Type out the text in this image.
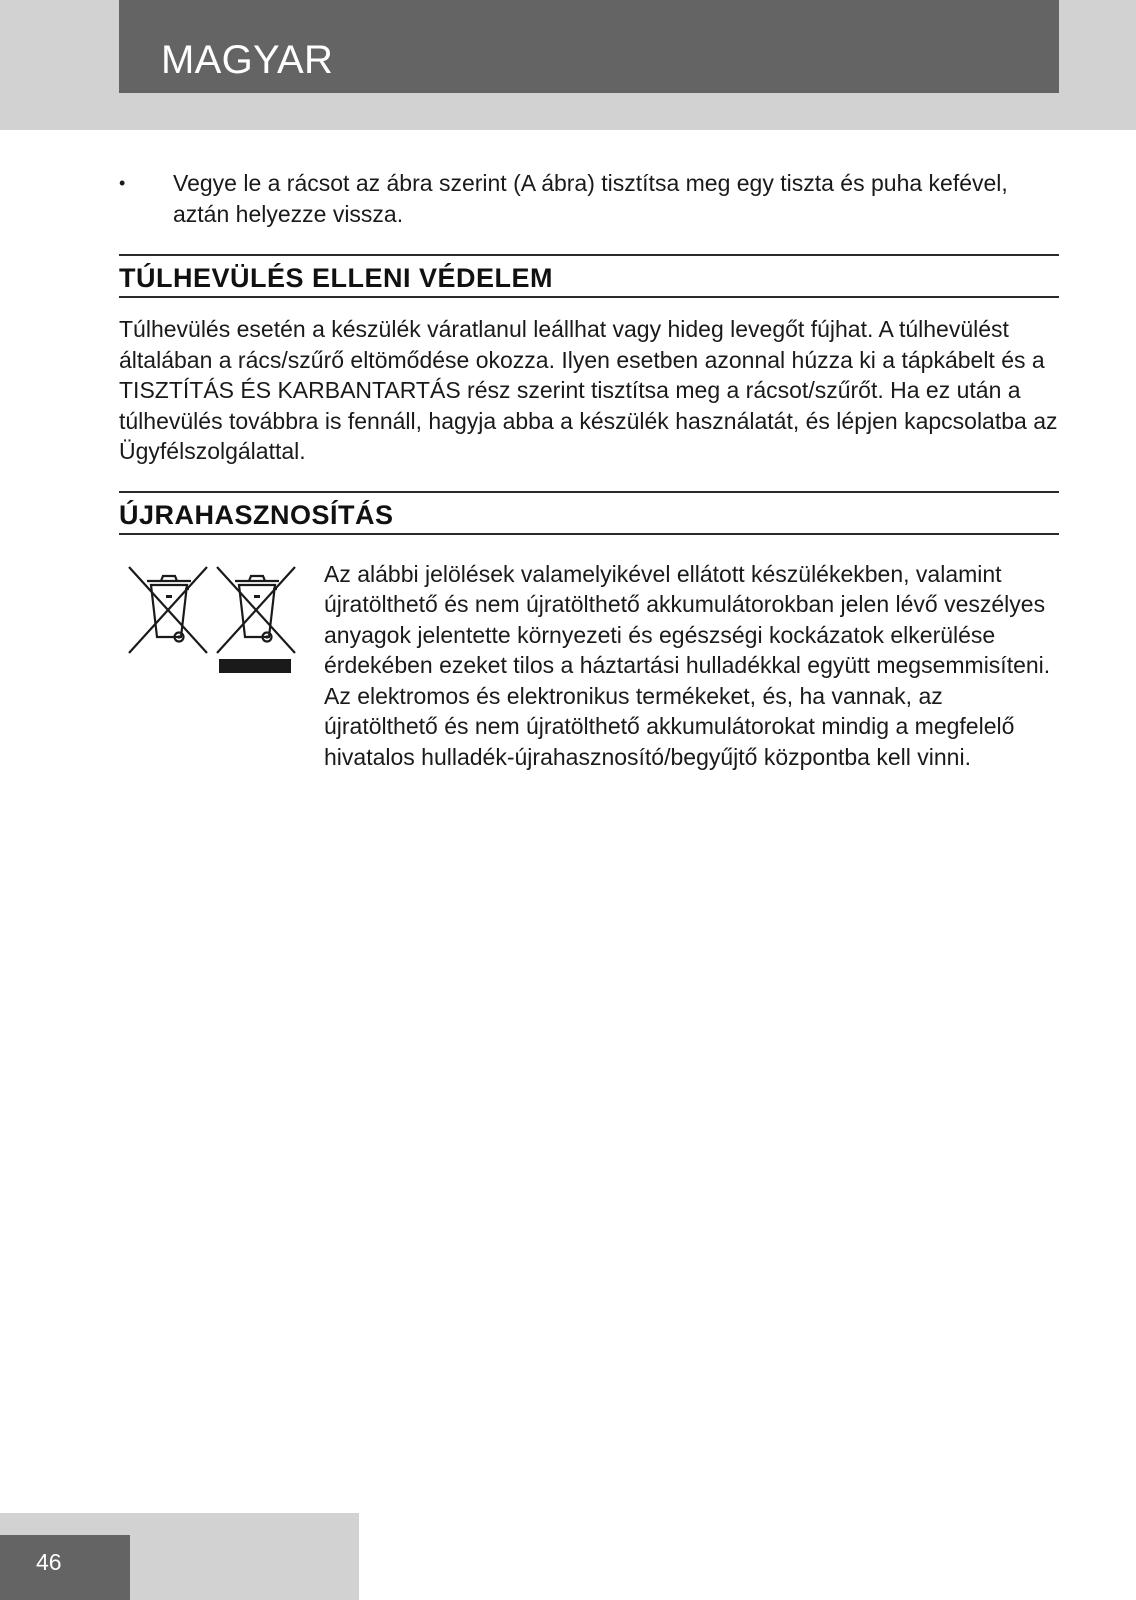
MAGYAR

• Vegye le a rácsot az ábra szerint (A ábra) tisztítsa meg egy tiszta és puha kefével, aztán helyezze vissza.

TÚLHEVÜLÉS ELLENI VÉDELEM

Túlhevülés esetén a készülék váratlanul leállhat vagy hideg levegőt fújhat. A túlhevülést általában a rács/szűrő eltömődése okozza. Ilyen esetben azonnal húzza ki a tápkábelt és a TISZTÍTÁS ÉS KARBANTARTÁS rész szerint tisztítsa meg a rácsot/szűrőt. Ha ez után a túlhevülés továbbra is fennáll, hagyja abba a készülék használatát, és lépjen kapcsolatba az Ügyfélszolgálattal.

ÚJRAHASZNOSÍTÁS

Az alábbi jelölések valamelyikével ellátott készülékekben, valamint újratölthető és nem újratölthető akkumulátorokban jelen lévő veszélyes anyagok jelentette környezeti és egészségi kockázatok elkerülése érdekében ezeket tilos a háztartási hulladékkal együtt megsemmisíteni. Az elektromos és elektronikus termékeket, és, ha vannak, az újratölthető és nem újratölthető akkumulátorokat mindig a megfelelő hivatalos hulladék-újrahasznosító/begyűjtő központba kell vinni.

46
